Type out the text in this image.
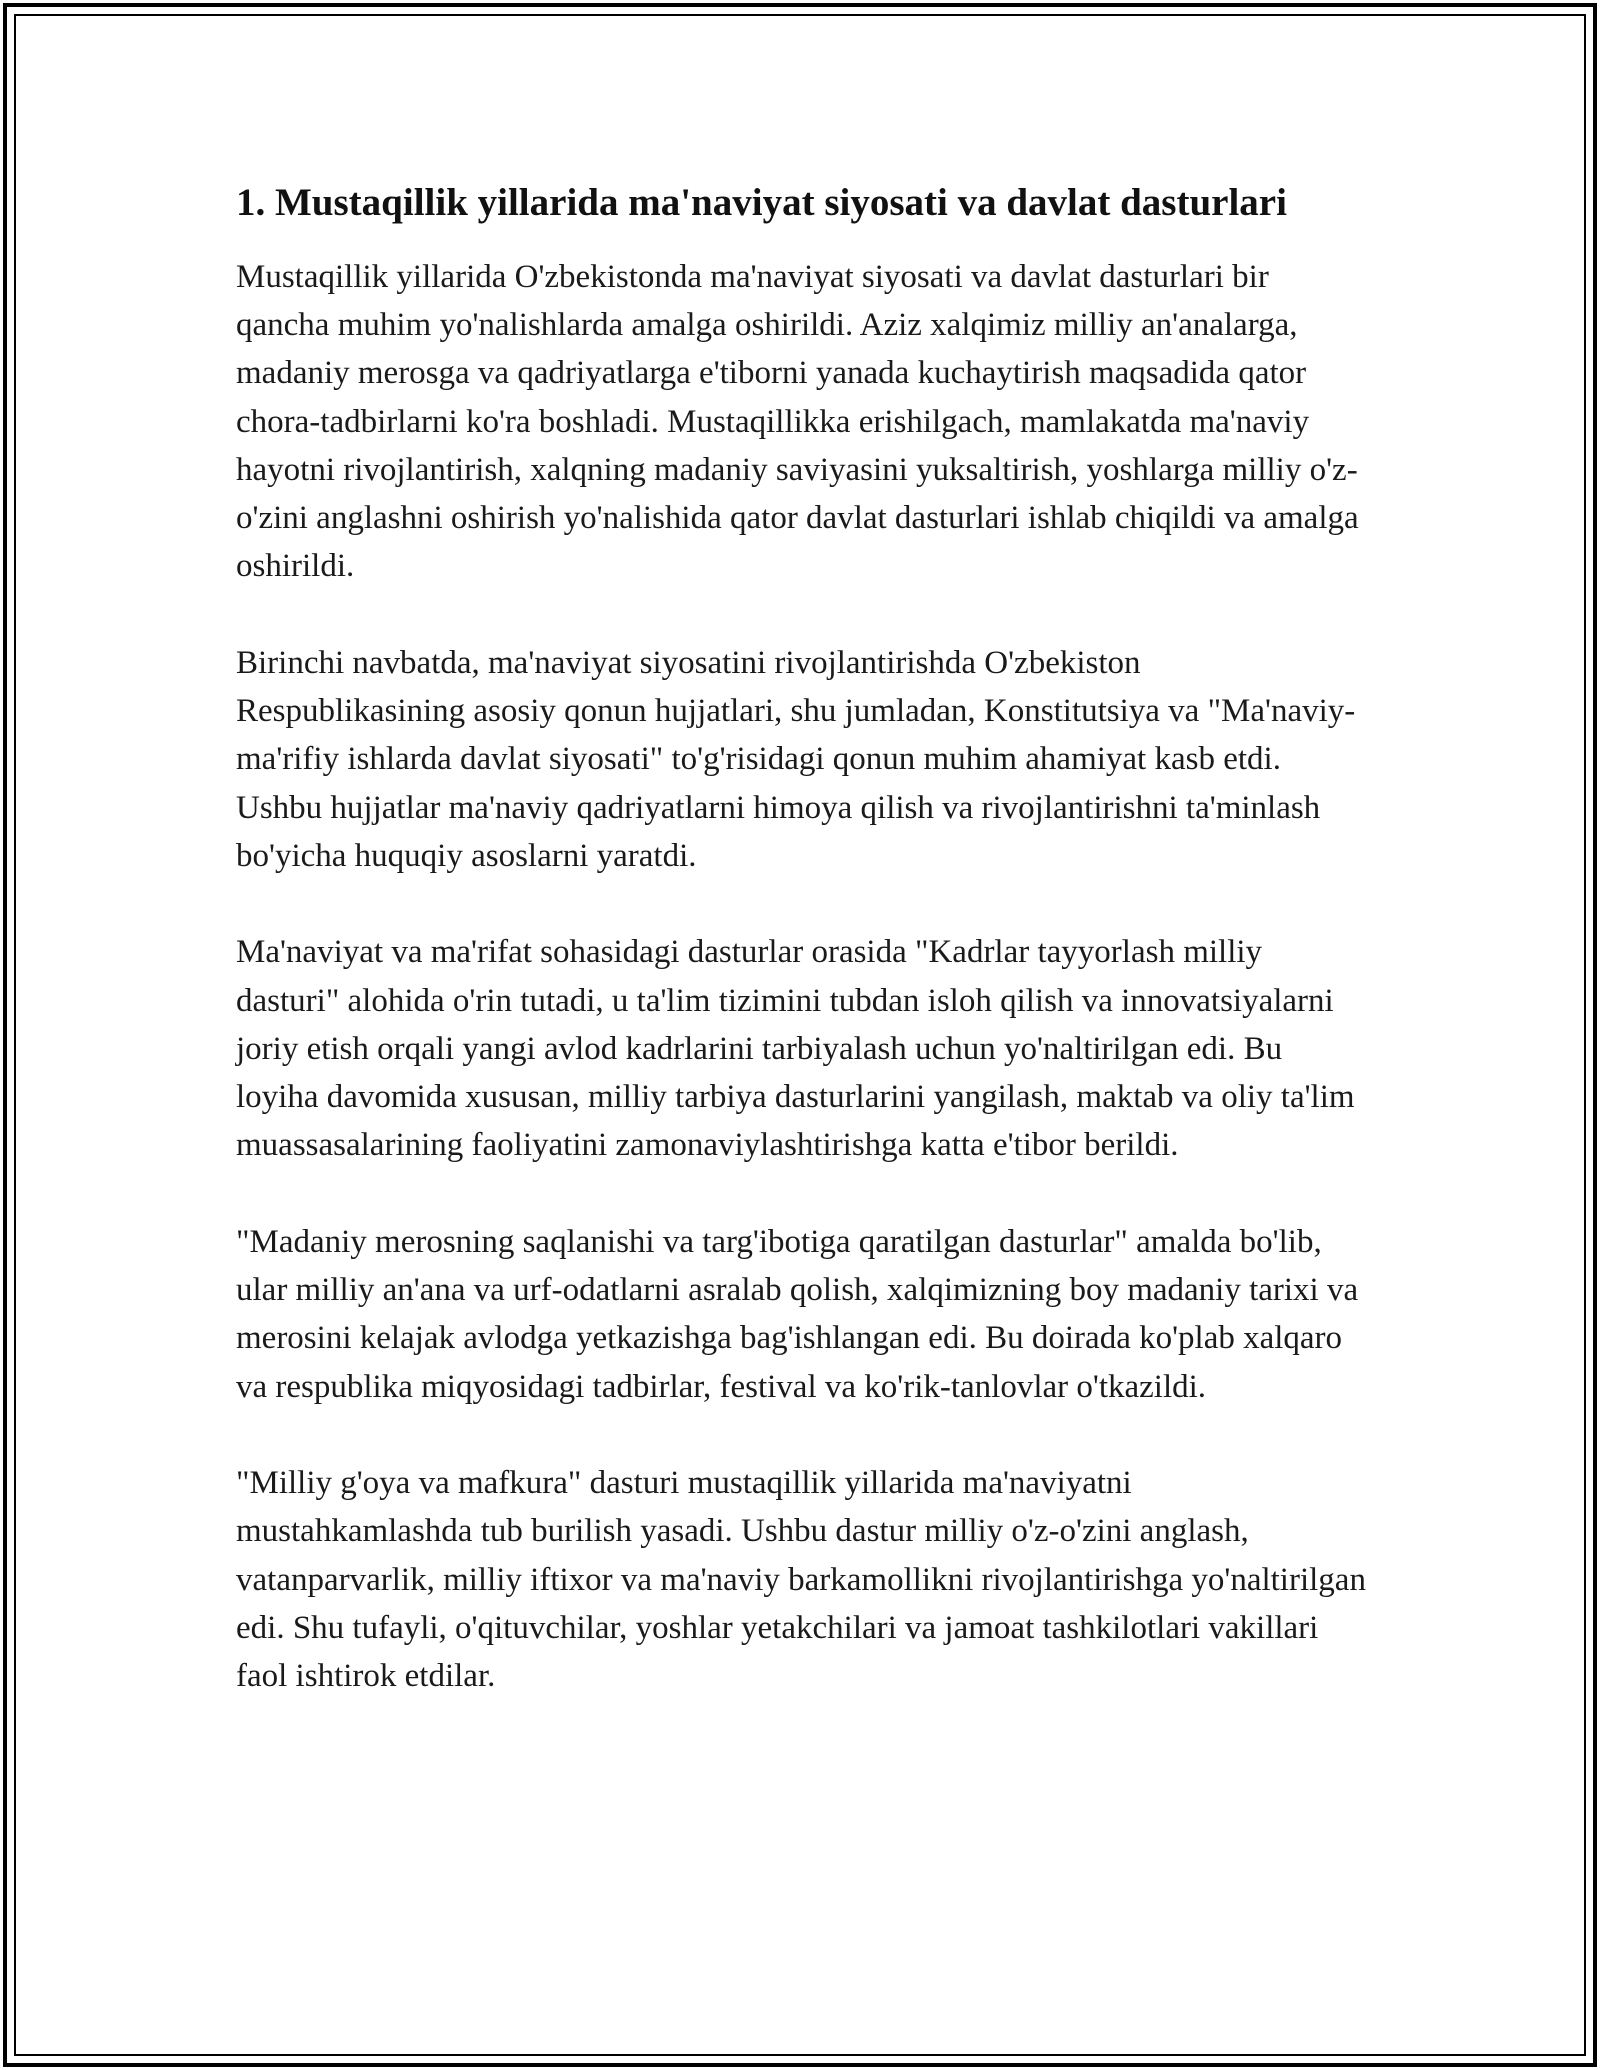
1. Mustaqillik yillarida ma'naviyat siyosati va davlat dasturlari

Mustaqillik yillarida O'zbekistonda ma'naviyat siyosati va davlat dasturlari bir qancha muhim yo'nalishlarda amalga oshirildi. Aziz xalqimiz milliy an'analarga, madaniy merosga va qadriyatlarga e'tiborni yanada kuchaytirish maqsadida qator chora-tadbirlarni ko'ra boshladi. Mustaqillikka erishilgach, mamlakatda ma'naviy hayotni rivojlantirish, xalqning madaniy saviyasini yuksaltirish, yoshlarga milliy o'z-o'zini anglashni oshirish yo'nalishida qator davlat dasturlari ishlab chiqildi va amalga oshirildi.

Birinchi navbatda, ma'naviyat siyosatini rivojlantirishda O'zbekiston Respublikasining asosiy qonun hujjatlari, shu jumladan, Konstitutsiya va "Ma'naviy-ma'rifiy ishlarda davlat siyosati" to'g'risidagi qonun muhim ahamiyat kasb etdi. Ushbu hujjatlar ma'naviy qadriyatlarni himoya qilish va rivojlantirishni ta'minlash bo'yicha huquqiy asoslarni yaratdi.

Ma'naviyat va ma'rifat sohasidagi dasturlar orasida "Kadrlar tayyorlash milliy dasturi" alohida o'rin tutadi, u ta'lim tizimini tubdan isloh qilish va innovatsiyalarni joriy etish orqali yangi avlod kadrlarini tarbiyalash uchun yo'naltirilgan edi. Bu loyiha davomida xususan, milliy tarbiya dasturlarini yangilash, maktab va oliy ta'lim muassasalarining faoliyatini zamonaviylashtirishga katta e'tibor berildi.

"Madaniy merosning saqlanishi va targ'ibotiga qaratilgan dasturlar" amalda bo'lib, ular milliy an'ana va urf-odatlarni asralab qolish, xalqimizning boy madaniy tarixi va merosini kelajak avlodga yetkazishga bag'ishlangan edi. Bu doirada ko'plab xalqaro va respublika miqyosidagi tadbirlar, festival va ko'rik-tanlovlar o'tkazildi.

"Milliy g'oya va mafkura" dasturi mustaqillik yillarida ma'naviyatni mustahkamlashda tub burilish yasadi. Ushbu dastur milliy o'z-o'zini anglash, vatanparvarlik, milliy iftixor va ma'naviy barkamollikni rivojlantirishga yo'naltirilgan edi. Shu tufayli, o'qituvchilar, yoshlar yetakchilari va jamoat tashkilotlari vakillari faol ishtirok etdilar.
